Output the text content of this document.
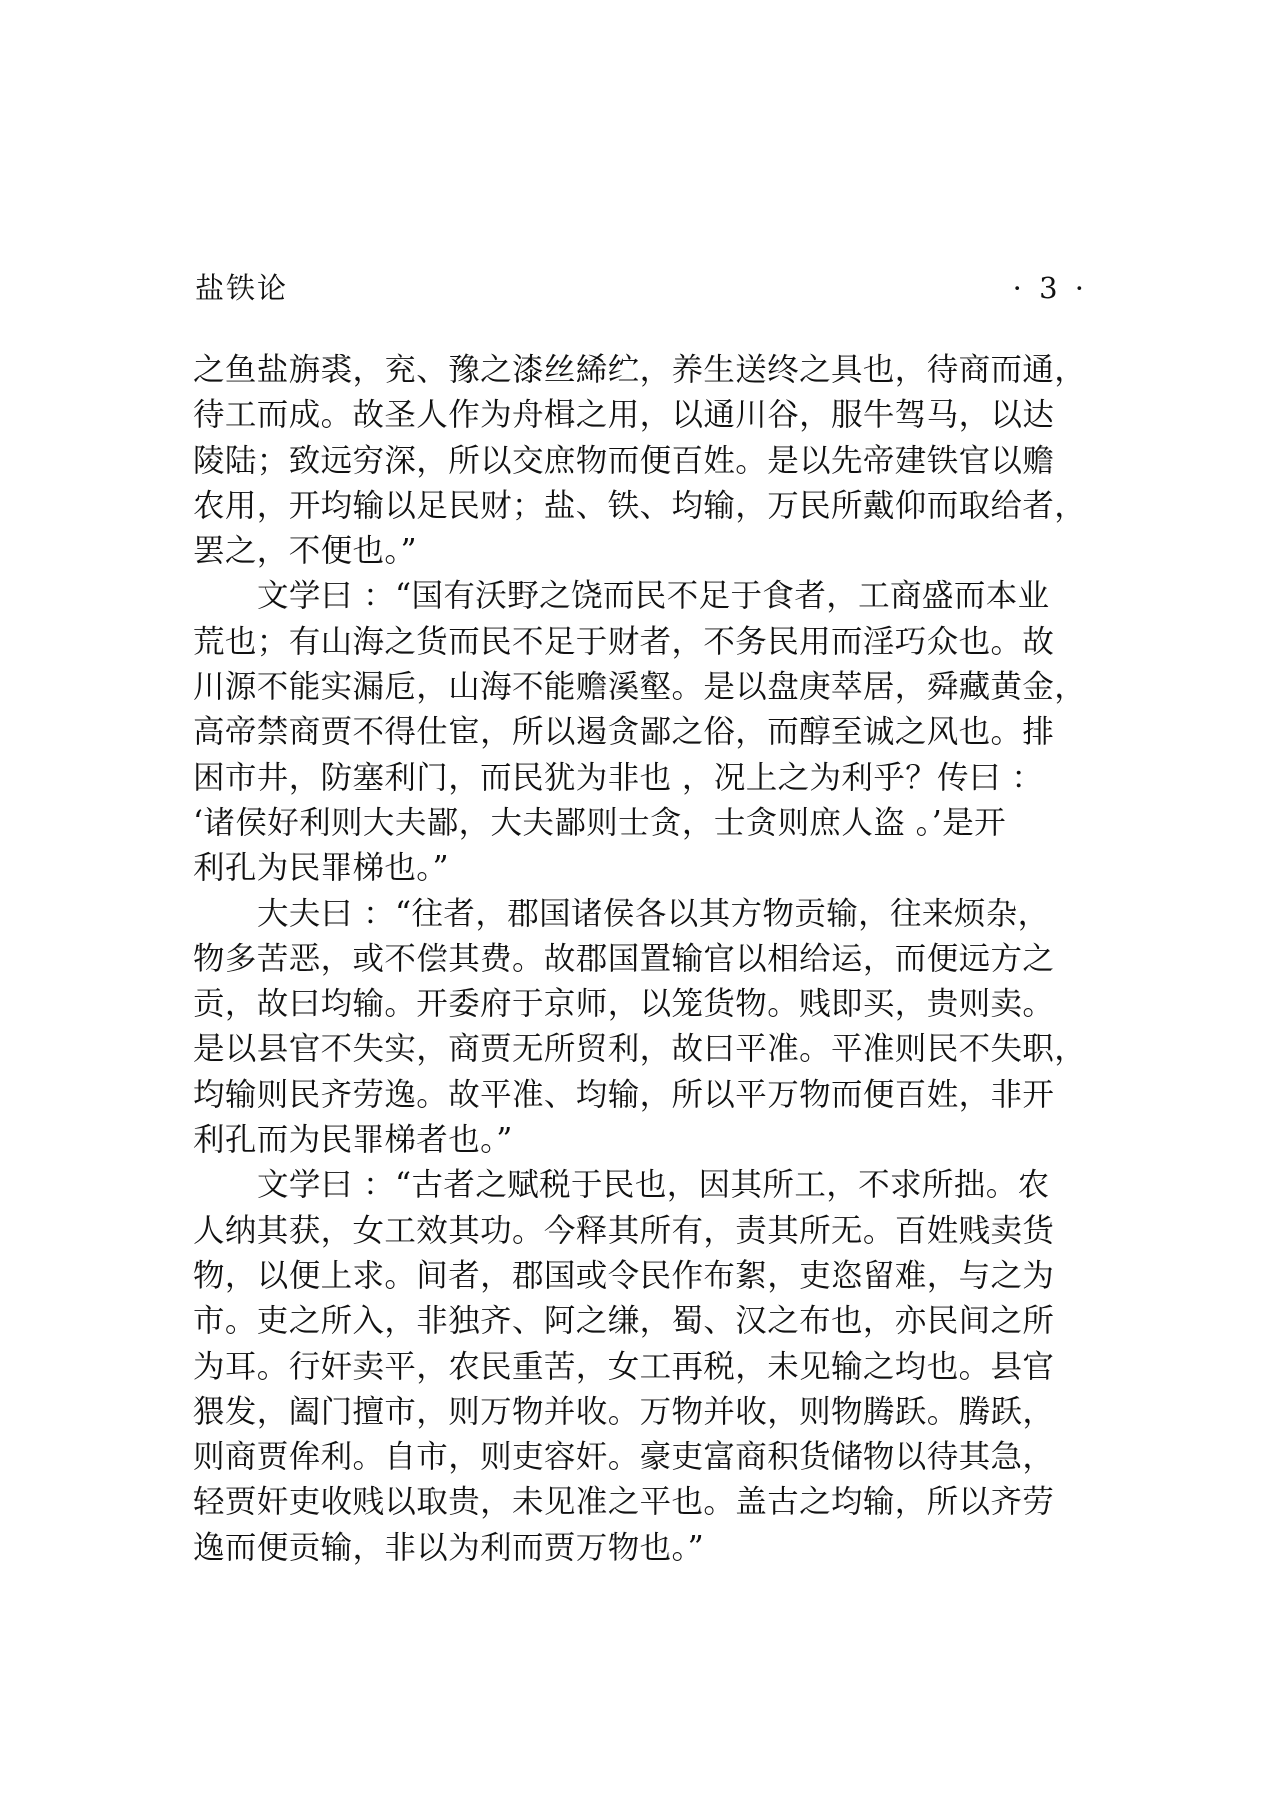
盐铁论	· 3 ·
之鱼盐旃裘，兖、豫之漆丝絺纻，养生送终之具也，待商而通，
待工而成。故圣人作为舟楫之用，以通川谷，服牛驾马，以达
陵陆；致远穷深，所以交庶物而便百姓。是以先帝建铁官以赡
农用，开均输以足民财；盐、铁、均输，万民所戴仰而取给者，
罢之，不便也。”
文学曰 ：“国有沃野之饶而民不足于食者，工商盛而本业
荒也；有山海之货而民不足于财者，不务民用而淫巧众也。故
川源不能实漏卮，山海不能赡溪壑。是以盘庚萃居，舜藏黄金，
高帝禁商贾不得仕宦，所以遏贪鄙之俗，而醇至诚之风也。排
困市井，防塞利门，而民犹为非也 ，况上之为利乎？传曰 ：
‘诸侯好利则大夫鄙，大夫鄙则士贪，士贪则庶人盗 。’是开
利孔为民罪梯也。”
大夫曰 ：“往者，郡国诸侯各以其方物贡输，往来烦杂，
物多苦恶，或不偿其费。故郡国置输官以相给运，而便远方之
贡，故曰均输。开委府于京师，以笼货物。贱即买，贵则卖。
是以县官不失实，商贾无所贸利，故曰平准。平准则民不失职，
均输则民齐劳逸。故平准、均输，所以平万物而便百姓，非开
利孔而为民罪梯者也。”
文学曰 ：“古者之赋税于民也，因其所工，不求所拙。农
人纳其获，女工效其功。今释其所有，责其所无。百姓贱卖货
物，以便上求。间者，郡国或令民作布絮，吏恣留难，与之为
市。吏之所入，非独齐、阿之缣，蜀、汉之布也，亦民间之所
为耳。行奸卖平，农民重苦，女工再税，未见输之均也。县官
猥发，阖门擅市，则万物并收。万物并收，则物腾跃。腾跃，
则商贾侔利。自市，则吏容奸。豪吏富商积货储物以待其急，
轻贾奸吏收贱以取贵，未见准之平也。盖古之均输，所以齐劳
逸而便贡输，非以为利而贾万物也。”
